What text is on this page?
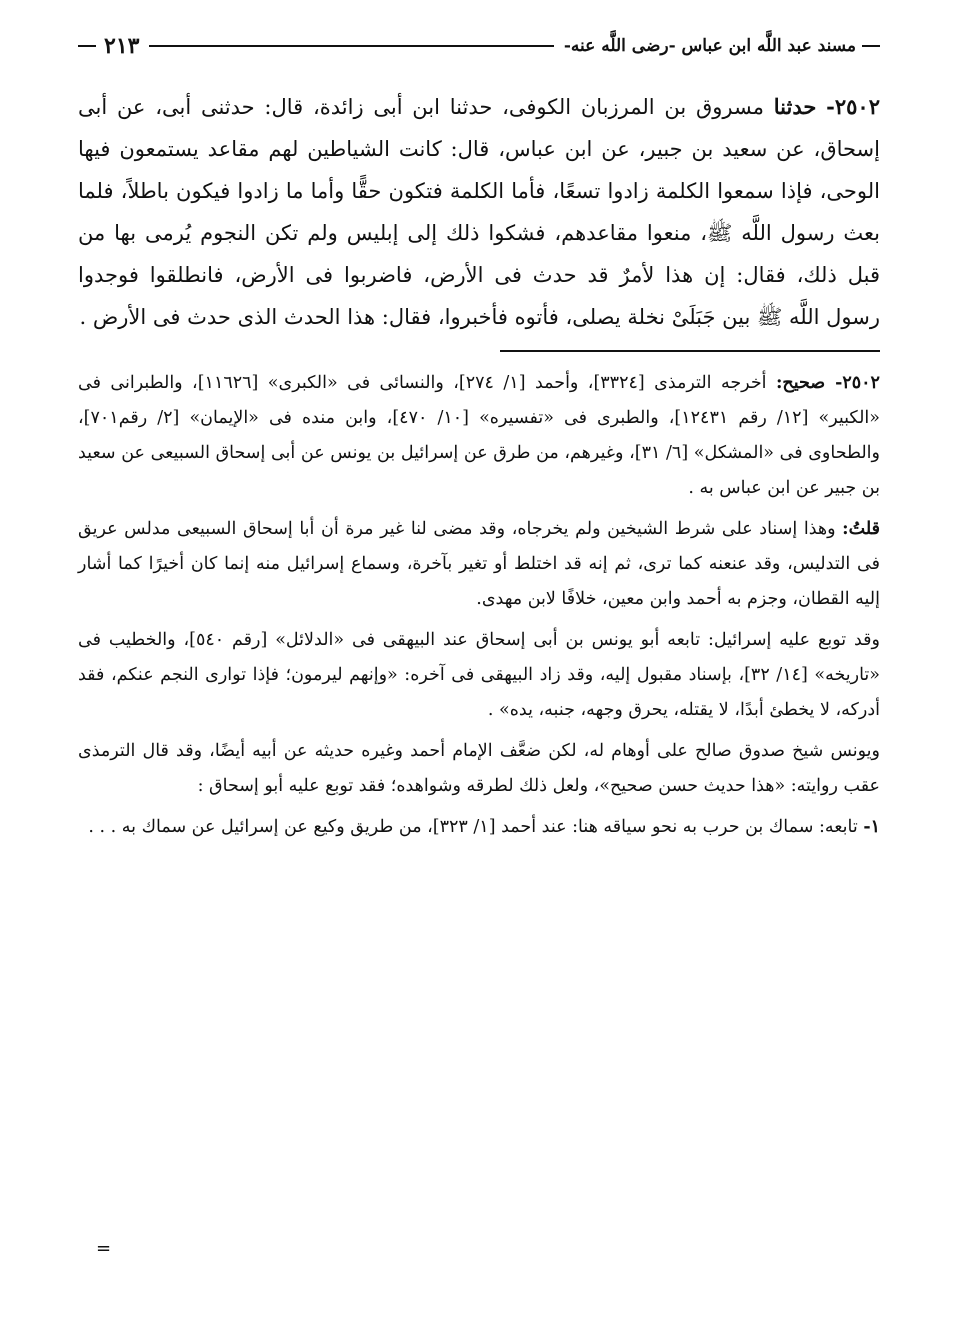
مسند عبد اللَّه ابن عباس -رضى اللَّه عنه-
٢١٣
٢٥٠٢- حدثنا مسروق بن المرزبان الكوفى، حدثنا ابن أبى زائدة، قال: حدثنى أبى، عن أبى إسحاق، عن سعيد بن جبير، عن ابن عباس، قال: كانت الشياطين لهم مقاعد يستمعون فيها الوحى، فإذا سمعوا الكلمة زادوا تسعًا، فأما الكلمة فتكون حقًّا وأما ما زادوا فيكون باطلاً، فلما بعث رسول اللَّه ﷺ، منعوا مقاعدهم، فشكوا ذلك إلى إبليس ولم تكن النجوم يُرمى بها من قبل ذلك، فقال: إن هذا لأمرٌ قد حدث فى الأرض، فاضربوا فى الأرض، فانطلقوا فوجدوا رسول اللَّه ﷺ بين جَبَلَىْ نخلة يصلى، فأتوه فأخبروا، فقال: هذا الحدث الذى حدث فى الأرض .

٢٥٠٢- صحيح: أخرجه الترمذى [٣٣٢٤]، وأحمد [١/ ٢٧٤]، والنسائى فى «الكبرى» [١١٦٢٦]، والطبرانى فى «الكبير» [١٢/ رقم ١٢٤٣١]، والطبرى فى «تفسيره» [١٠/ ٤٧٠]، وابن منده فى «الإيمان» [٢/ رقم٧٠١]، والطحاوى فى «المشكل» [٦/ ٣١]، وغيرهم، من طرق عن إسرائيل بن يونس عن أبى إسحاق السبيعى عن سعيد بن جبير عن ابن عباس به .

قلتُ: وهذا إسناد على شرط الشيخين ولم يخرجاه، وقد مضى لنا غير مرة أن أبا إسحاق السبيعى مدلس عريق فى التدليس، وقد عنعنه كما ترى، ثم إنه قد اختلط أو تغير بآخرة، وسماع إسرائيل منه إنما كان أخيرًا كما أشار إليه القطان، وجزم به أحمد وابن معين، خلافًا لابن مهدى.

وقد توبع عليه إسرائيل: تابعه أبو يونس بن أبى إسحاق عند البيهقى فى «الدلائل» [رقم ٥٤٠]، والخطيب فى «تاريخه» [١٤/ ٣٢]، بإسناد مقبول إليه، وقد زاد البيهقى فى آخره: «وإنهم ليرمون؛ فإذا توارى النجم عنكم، فقد أدركه، لا يخطئ أبدًا، لا يقتله، يحرق وجهه، جنبه، يده» .

ويونس شيخ صدوق صالح على أوهام له، لكن ضعَّف الإمام أحمد وغيره حديثه عن أبيه أيضًا، وقد قال الترمذى عقب روايته: «هذا حديث حسن صحيح»، ولعل ذلك لطرقه وشواهده؛ فقد توبع عليه أبو إسحاق :

١- تابعه: سماك بن حرب به نحو سياقه هنا: عند أحمد [١/ ٣٢٣]، من طريق وكيع عن إسرائيل عن سماك به . . .

=
